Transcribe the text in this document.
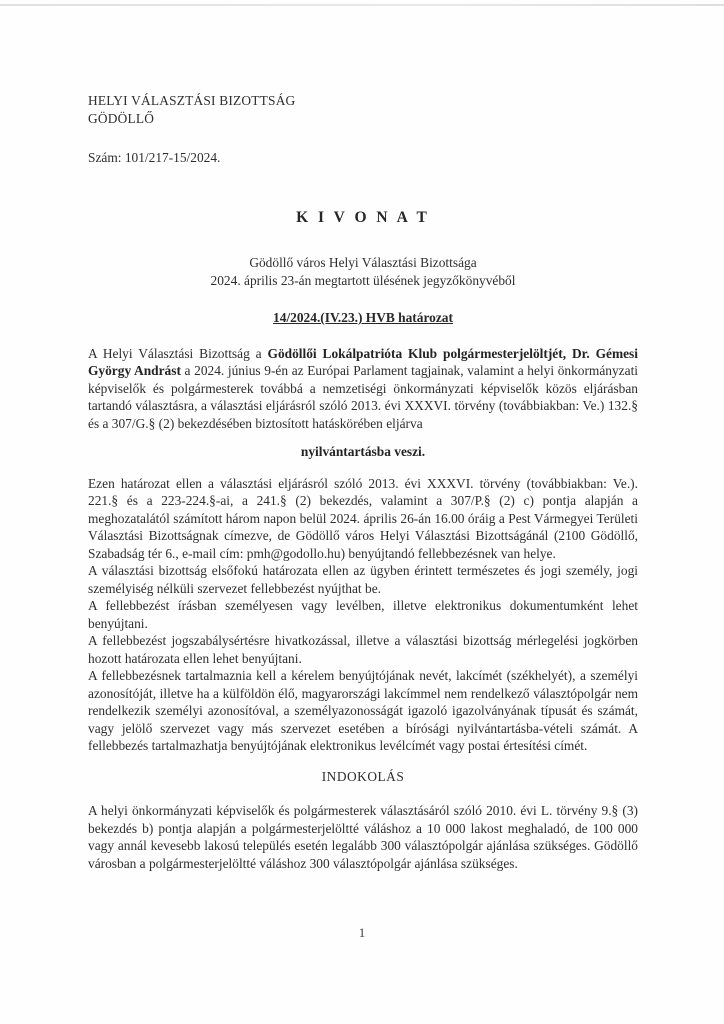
HELYI VÁLASZTÁSI BIZOTTSÁG
GÖDÖLLŐ
Szám: 101/217-15/2024.
K I V O N A T
Gödöllő város Helyi Választási Bizottsága
2024. április 23-án megtartott ülésének jegyzőkönyvéből
14/2024.(IV.23.) HVB határozat

A Helyi Választási Bizottság a Gödöllői Lokálpatrióta Klub polgármesterjelöltjét, Dr. Gémesi György Andrást a 2024. június 9-én az Európai Parlament tagjainak, valamint a helyi önkormányzati képviselők és polgármesterek továbbá a nemzetiségi önkormányzati képviselők közös eljárásban tartandó választásra, a választási eljárásról szóló 2013. évi XXXVI. törvény (továbbiakban: Ve.) 132.§ és a 307/G.§ (2) bekezdésében biztosított hatáskörében eljárva

nyilvántartásba veszi.
Ezen határozat ellen a választási eljárásról szóló 2013. évi XXXVI. törvény (továbbiakban: Ve.). 221.§ és a 223-224.§-ai, a 241.§ (2) bekezdés, valamint a 307/P.§ (2) c) pontja alapján a meghozatalától számított három napon belül 2024. április 26-án 16.00 óráig a Pest Vármegyei Területi Választási Bizottságnak címezve, de Gödöllő város Helyi Választási Bizottságánál (2100 Gödöllő, Szabadság tér 6., e-mail cím: pmh@godollo.hu) benyújtandó fellebbezésnek van helye.
A választási bizottság elsőfokú határozata ellen az ügyben érintett természetes és jogi személy, jogi személyiség nélküli szervezet fellebbezést nyújthat be.
A fellebbezést írásban személyesen vagy levélben, illetve elektronikus dokumentumként lehet benyújtani.
A fellebbezést jogszabálysértésre hivatkozással, illetve a választási bizottság mérlegelési jogkörben hozott határozata ellen lehet benyújtani.
A fellebbezésnek tartalmaznia kell a kérelem benyújtójának nevét, lakcímét (székhelyét), a személyi azonosítóját, illetve ha a külföldön élő, magyarországi lakcímmel nem rendelkező választópolgár nem rendelkezik személyi azonosítóval, a személyazonosságát igazoló igazolványának típusát és számát, vagy jelölő szervezet vagy más szervezet esetében a bírósági nyilvántartásba-vételi számát. A fellebbezés tartalmazhatja benyújtójának elektronikus levélcímét vagy postai értesítési címét.
INDOKOLÁS

A helyi önkormányzati képviselők és polgármesterek választásáról szóló 2010. évi L. törvény 9.§ (3) bekezdés b) pontja alapján a polgármesterjelöltté váláshoz a 10 000 lakost meghaladó, de 100 000 vagy annál kevesebb lakosú település esetén legalább 300 választópolgár ajánlása szükséges. Gödöllő városban a polgármesterjelöltté váláshoz 300 választópolgár ajánlása szükséges.

1
